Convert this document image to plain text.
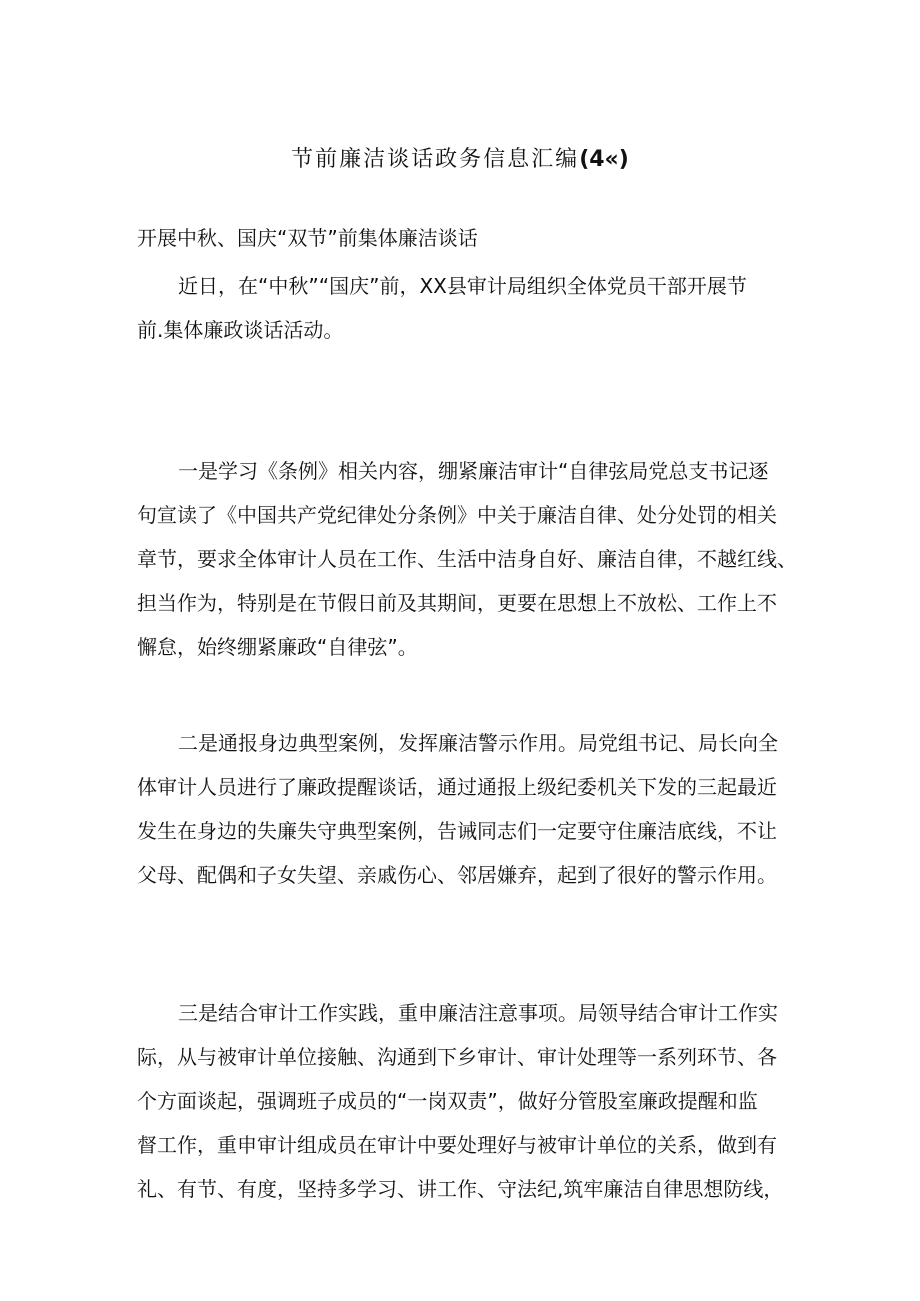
节前廉洁谈话政务信息汇编(4«)
开展中秋、国庆“双节”前集体廉洁谈话
近日，在“中秋”“国庆”前，XX县审计局组织全体党员干部开展节
前.集体廉政谈话活动。
一是学习《条例》相关内容，绷紧廉洁审计“自律弦局党总支书记逐
句宣读了《中国共产党纪律处分条例》中关于廉洁自律、处分处罚的相关
章节，要求全体审计人员在工作、生活中洁身自好、廉洁自律，不越红线、
担当作为，特别是在节假日前及其期间，更要在思想上不放松、工作上不
懈怠，始终绷紧廉政“自律弦”。
二是通报身边典型案例，发挥廉洁警示作用。局党组书记、局长向全
体审计人员进行了廉政提醒谈话，通过通报上级纪委机关下发的三起最近
发生在身边的失廉失守典型案例，告诫同志们一定要守住廉洁底线，不让
父母、配偶和子女失望、亲戚伤心、邻居嫌弃，起到了很好的警示作用。
三是结合审计工作实践，重申廉洁注意事项。局领导结合审计工作实
际，从与被审计单位接触、沟通到下乡审计、审计处理等一系列环节、各
个方面谈起，强调班子成员的“一岗双责”，做好分管股室廉政提醒和监
督工作，重申审计组成员在审计中要处理好与被审计单位的关系，做到有
礼、有节、有度，坚持多学习、讲工作、守法纪,筑牢廉洁自律思想防线，
